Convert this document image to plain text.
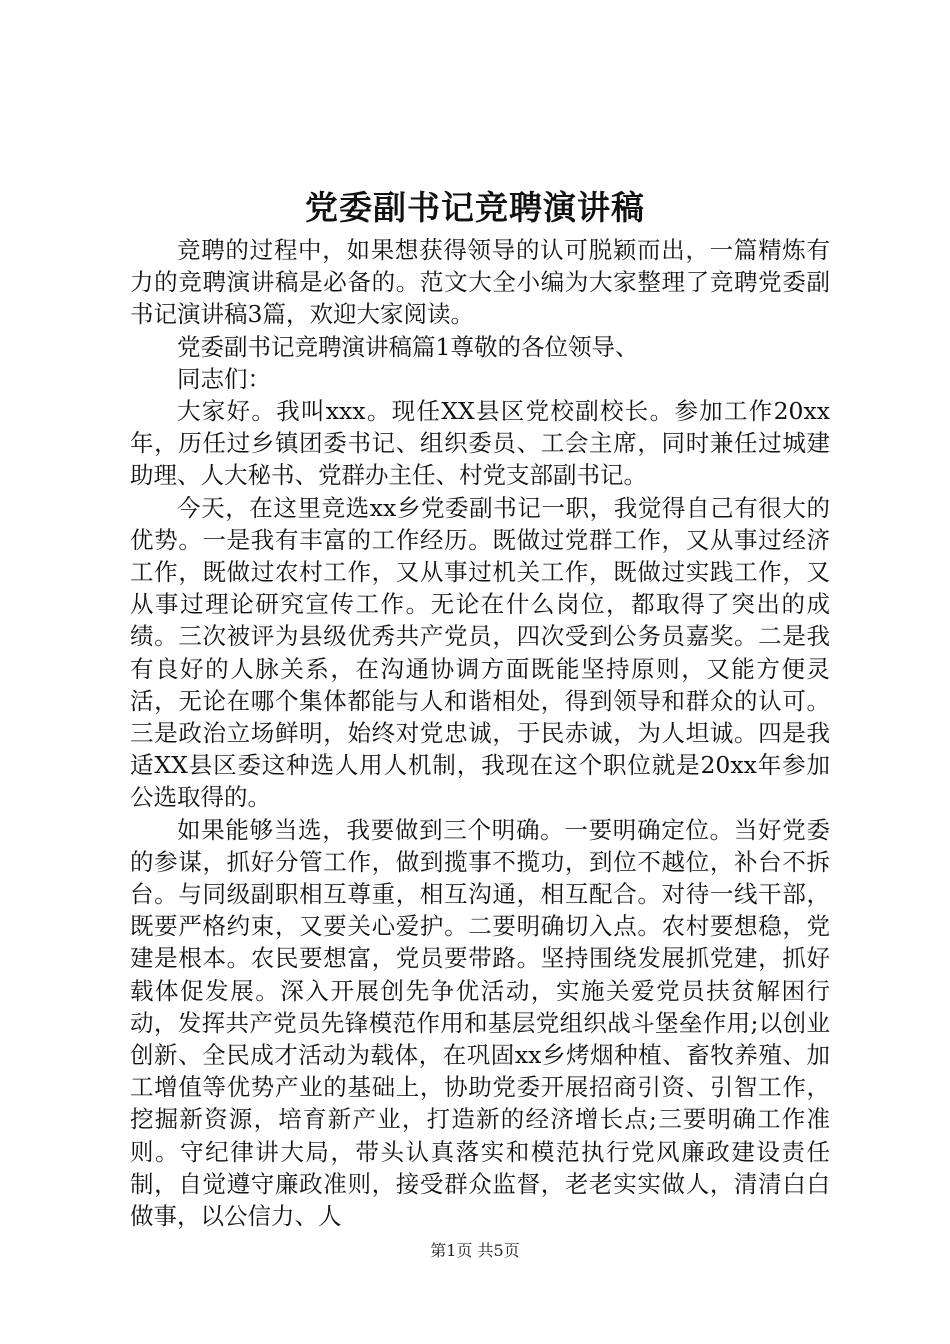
党委副书记竞聘演讲稿

竞聘的过程中，如果想获得领导的认可脱颖而出，一篇精炼有力的竞聘演讲稿是必备的。范文大全小编为大家整理了竞聘党委副书记演讲稿3篇，欢迎大家阅读。

党委副书记竞聘演讲稿篇1尊敬的各位领导、

同志们：

大家好。我叫xxx。现任XX县区党校副校长。参加工作20xx年，历任过乡镇团委书记、组织委员、工会主席，同时兼任过城建助理、人大秘书、党群办主任、村党支部副书记。

今天，在这里竞选xx乡党委副书记一职，我觉得自己有很大的优势。一是我有丰富的工作经历。既做过党群工作，又从事过经济工作，既做过农村工作，又从事过机关工作，既做过实践工作，又从事过理论研究宣传工作。无论在什么岗位，都取得了突出的成绩。三次被评为县级优秀共产党员，四次受到公务员嘉奖。二是我有良好的人脉关系，在沟通协调方面既能坚持原则，又能方便灵活，无论在哪个集体都能与人和谐相处，得到领导和群众的认可。三是政治立场鲜明，始终对党忠诚，于民赤诚，为人坦诚。四是我适XX县区委这种选人用人机制，我现在这个职位就是20xx年参加公选取得的。

如果能够当选，我要做到三个明确。一要明确定位。当好党委的参谋，抓好分管工作，做到揽事不揽功，到位不越位，补台不拆台。与同级副职相互尊重，相互沟通，相互配合。对待一线干部，既要严格约束，又要关心爱护。二要明确切入点。农村要想稳，党建是根本。农民要想富，党员要带路。坚持围绕发展抓党建，抓好载体促发展。深入开展创先争优活动，实施关爱党员扶贫解困行动，发挥共产党员先锋模范作用和基层党组织战斗堡垒作用;以创业创新、全民成才活动为载体，在巩固xx乡烤烟种植、畜牧养殖、加工增值等优势产业的基础上，协助党委开展招商引资、引智工作，挖掘新资源，培育新产业，打造新的经济增长点;三要明确工作准则。守纪律讲大局，带头认真落实和模范执行党风廉政建设责任制，自觉遵守廉政准则，接受群众监督，老老实实做人，清清白白做事，以公信力、人

第1页 共5页
